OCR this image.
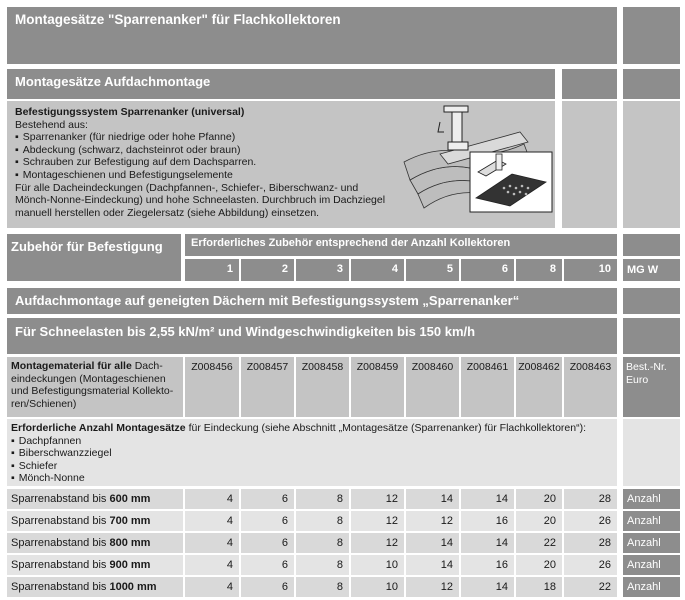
Montagesätze "Sparrenanker" für Flachkollektoren
Montagesätze Aufdachmontage
Befestigungssystem Sparrenanker (universal)
Bestehend aus:
▪ Sparrenanker (für niedrige oder hohe Pfanne)
▪ Abdeckung (schwarz, dachsteinrot oder braun)
▪ Schrauben zur Befestigung auf dem Dachsparren.
▪ Montageschienen und Befestigungselemente
Für alle Dacheindeckungen (Dachpfannen-, Schiefer-, Biberschwanz- und
Mönch-Nonne-Eindeckung) und hohe Schneelasten. Durchbruch im Dachziegel
manuell herstellen oder Ziegelersatz (siehe Abbildung) einsetzen.
Zubehör für Befestigung	Erforderliches Zubehör entsprechend der Anzahl Kollektoren
1	2	3	4	5	6	8	10	MG W
Aufdachmontage auf geneigten Dächern mit Befestigungssystem „Sparrenanker“
Für Schneelasten bis 2,55 kN/m² und Windgeschwindigkeiten bis 150 km/h
Montagematerial für alle Dach-
eindeckungen (Montageschienen
und Befestigungsmaterial Kollekto-
ren/Schienen)
Z008456	Z008457	Z008458	Z008459	Z008460	Z008461 Z008462 Z008463	Best.-Nr.
Euro
Erforderliche Anzahl Montagesätze für Eindeckung (siehe Abschnitt „Montagesätze (Sparrenanker) für Flachkollektoren“):
▪ Dachpfannen
▪ Biberschwanzziegel
▪ Schiefer
▪ Mönch-Nonne
Sparrenabstand bis 600 mm	4	6	8	12	14	14	20	28	Anzahl
Sparrenabstand bis 700 mm	4	6	8	12	12	16	20	26	Anzahl
Sparrenabstand bis 800 mm	4	6	8	12	14	14	22	28	Anzahl
Sparrenabstand bis 900 mm	4	6	8	10	14	16	20	26	Anzahl
Sparrenabstand bis 1000 mm	4	6	8	10	12	14	18	22	Anzahl
